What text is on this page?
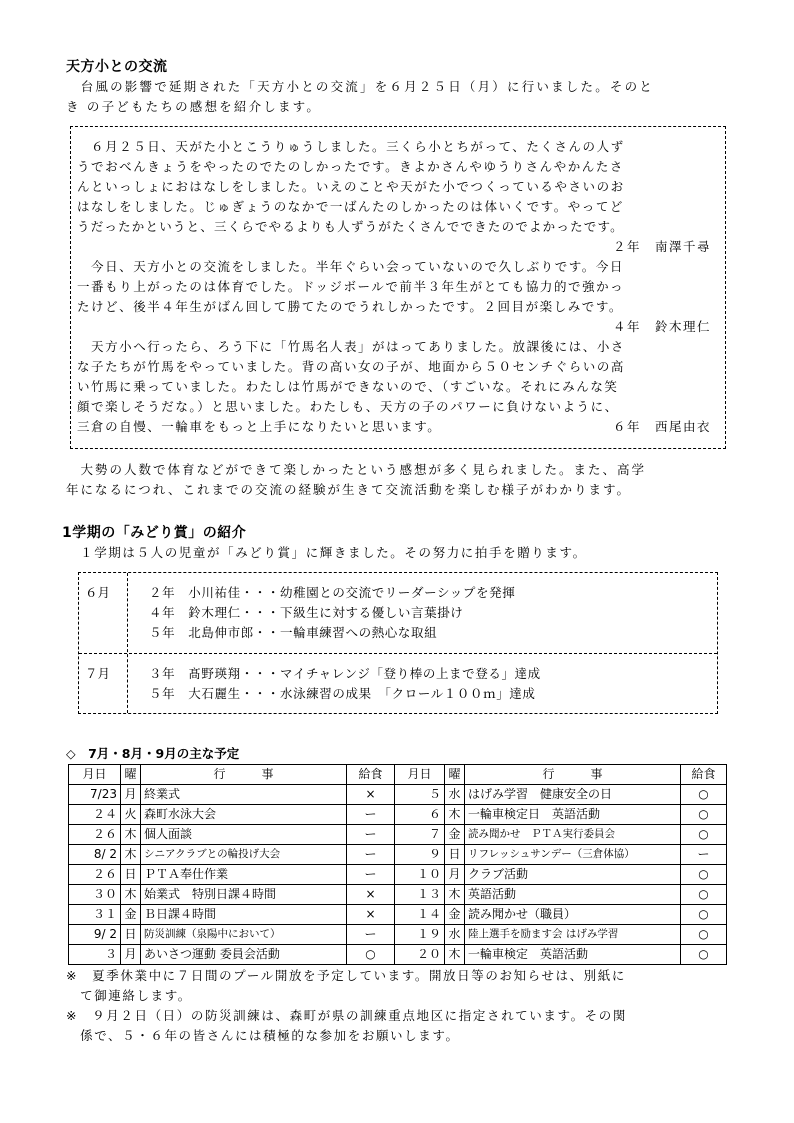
天方小との交流
　台風の影響で延期された「天方小との交流」を６月２５日（月）に行いました。そのと
き の子どもたちの感想を紹介します。
　６月２５日、天がた小とこうりゅうしました。三くら小とちがって、たくさんの人ず
うでおべんきょうをやったのでたのしかったです。きよかさんやゆうりさんやかんたさ
んといっしょにおはなしをしました。いえのことや天がた小でつくっているやさいのお
はなしをしました。じゅぎょうのなかで一ばんたのしかったのは体いくです。やってど
うだったかというと、三くらでやるよりも人ずうがたくさんでできたのでよかったです。
２年　南澤千尋
　今日、天方小との交流をしました。半年ぐらい会っていないので久しぶりです。今日
一番もり上がったのは体育でした。ドッジボールで前半３年生がとても協力的で強かっ
たけど、後半４年生がばん回して勝てたのでうれしかったです。２回目が楽しみです。
４年　鈴木理仁
　天方小へ行ったら、ろう下に「竹馬名人表」がはってありました。放課後には、小さ
な子たちが竹馬をやっていました。背の高い女の子が、地面から５０センチぐらいの高
い竹馬に乗っていました。わたしは竹馬ができないので、（すごいな。それにみんな笑
顔で楽しそうだな。）と思いました。わたしも、天方の子のパワーに負けないように、
三倉の自慢、一輪車をもっと上手になりたいと思います。	６年　西尾由衣
　大勢の人数で体育などができて楽しかったという感想が多く見られました。また、高学
年になるにつれ、これまでの交流の経験が生きて交流活動を楽しむ様子がわかります。
1学期の「みどり賞」の紹介
　１学期は５人の児童が「みどり賞」に輝きました。その努力に拍手を贈ります。
６月	２年　小川祐佳・・・幼稚園との交流でリーダーシップを発揮
４年　鈴木理仁・・・下級生に対する優しい言葉掛け
５年　北島伸市郎・・一輪車練習への熱心な取組
７月	３年　髙野瑛翔・・・マイチャレンジ「登り棒の上まで登る」達成
５年　大石麗生・・・水泳練習の成果　「クロール１００ｍ」達成
◇　7月・8月・9月の主な予定
月日	曜	行　　　事	給食	月日	曜	行　　　事	給食
7/23	月	終業式	×	５	水	はげみ学習　健康安全の日	○
２４	火	森町水泳大会	ー	６	木	一輪車検定日　英語活動	○
２６	木	個人面談	ー	７	金	読み聞かせ　ＰＴＡ実行委員会	○
8/ 2	木	シニアクラブとの輪投げ大会	ー	９	日	リフレッシュサンデー（三倉体協）	ー
２６	日	ＰＴＡ奉仕作業	ー	１０	月	クラブ活動	○
３０	木	始業式　特別日課４時間	×	１３	木	英語活動	○
３１	金	Ｂ日課４時間	×	１４	金	読み聞かせ（職員）	○
9/ 2	日	防災訓練（泉陽中において）	ー	１９	水	陸上選手を励ます会 はげみ学習	○
３	月	あいさつ運動 委員会活動	○	２０	木	一輪車検定　英語活動	○
※　夏季休業中に７日間のプール開放を予定しています。開放日等のお知らせは、別紙に
　て御連絡します。
※　９月２日（日）の防災訓練は、森町が県の訓練重点地区に指定されています。その関
　係で、５・６年の皆さんには積極的な参加をお願いします。
